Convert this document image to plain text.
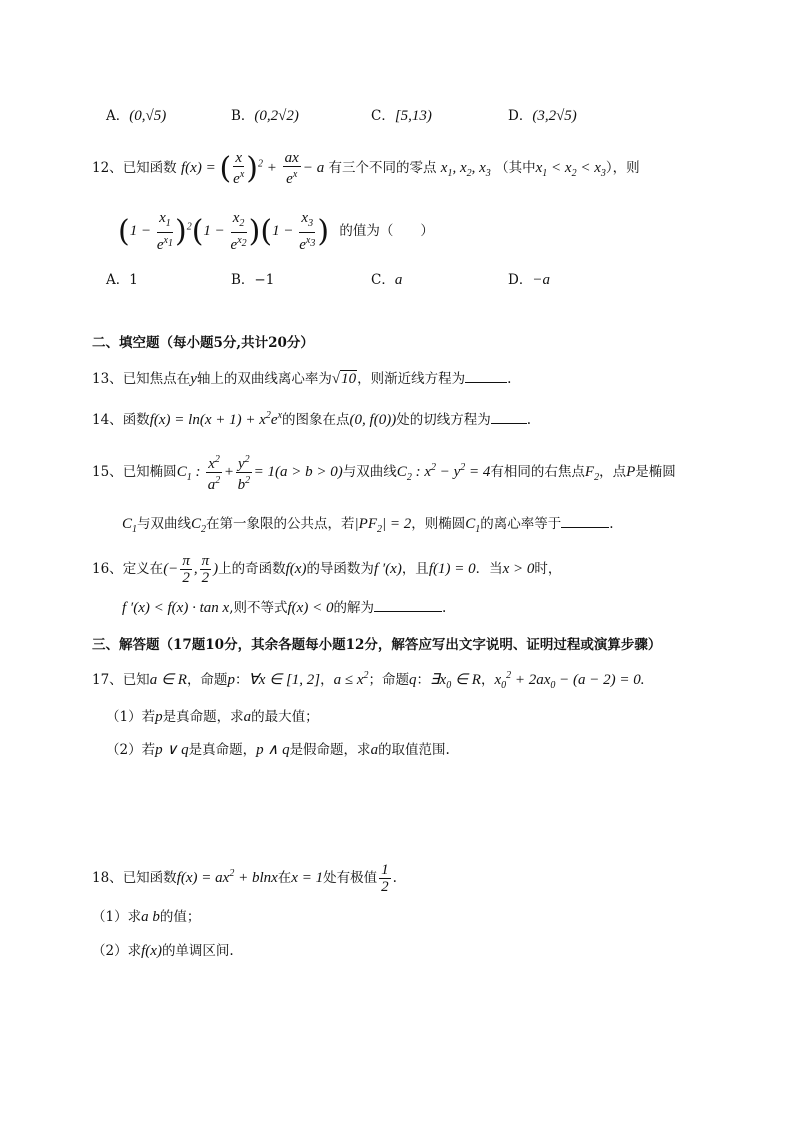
A．(0,√5)	B．(0,2√2)	C．[5,13)	D．(3,2√5)
12、已知函数 f(x) = ( $\frac{x}{e^x} )^2 + \frac{ax}{e^x} - a$ 有三个不同的零点 $x_1$, $x_2$, $x_3$ （其中$x_1 < x_2 < x_3$），则
$(1 - \frac{x_1}{e^{x1}} )^2(1 - \frac{x_2}{e^{x2}} )(1 - \frac{x_3}{e^{x3}}$ ) 的值为（　　）
A．1	B．−1	C．a	D．−a
二、填空题（每小题5分,共计20分）
13、已知焦点在y轴上的双曲线离心率为√10，则渐近线方程为	.
14、函数$f(x) = \ln(x + 1) + x^2e^x$的图象在点(0, f(0))处的切线方程为	.
15、已知椭圆$C_1$ : $\frac{x^2}{a^2} + \frac{y^2}{b^2} = 1(a > b > 0)$与双曲线$C_2$ : $x^2 - y^2 = 4$有相同的右焦点$F_2$，点P是椭圆
$C_1$与双曲线$C_2$在第一象限的公共点，若$|PF_2| = 2$，则椭圆$C_1$的离心率等于	.
16、定义在(− $\frac{\pi}{2}$ , $\frac{\pi}{2}$ )上的奇函数f(x)的导函数为f ′(x)，且f(1) = 0．当x > 0时，
f ′(x) < f(x) · tan x,则不等式f(x) < 0的解为	.
三、解答题（17题10分，其余各题每小题12分，解答应写出文字说明、证明过程或演算步骤）
17、已知a ∈ R，命题p：∀x ∈ [1, 2]，$a \le x^2$；命题q：$\exists x_0$ ∈ R，$x_0^2 + 2ax_0 - (a - 2) = 0$.
（1）若p是真命题，求a的最大值；
（2）若p ∨ q是真命题，p ∧ q是假命题，求a的取值范围.
18、已知函数$f(x) = ax^2 + blnx$在x = 1处有极值 $\frac{1}{2}$ .
（1）求a b的值；
（2）求f(x)的单调区间.
